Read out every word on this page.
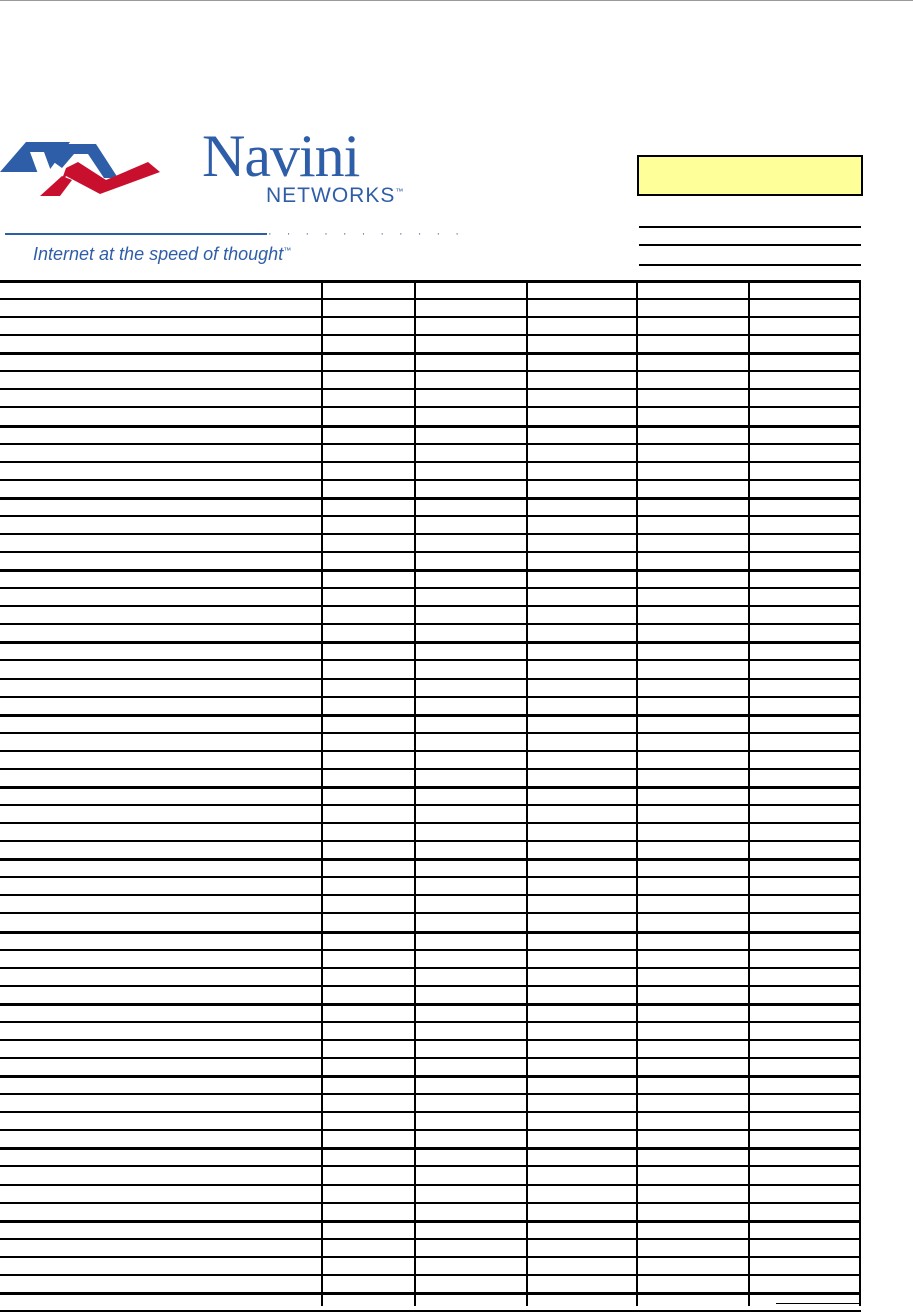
Navini
NETWORKS™
· · · · · · · · · · ·
Internet at the speed of thought™
